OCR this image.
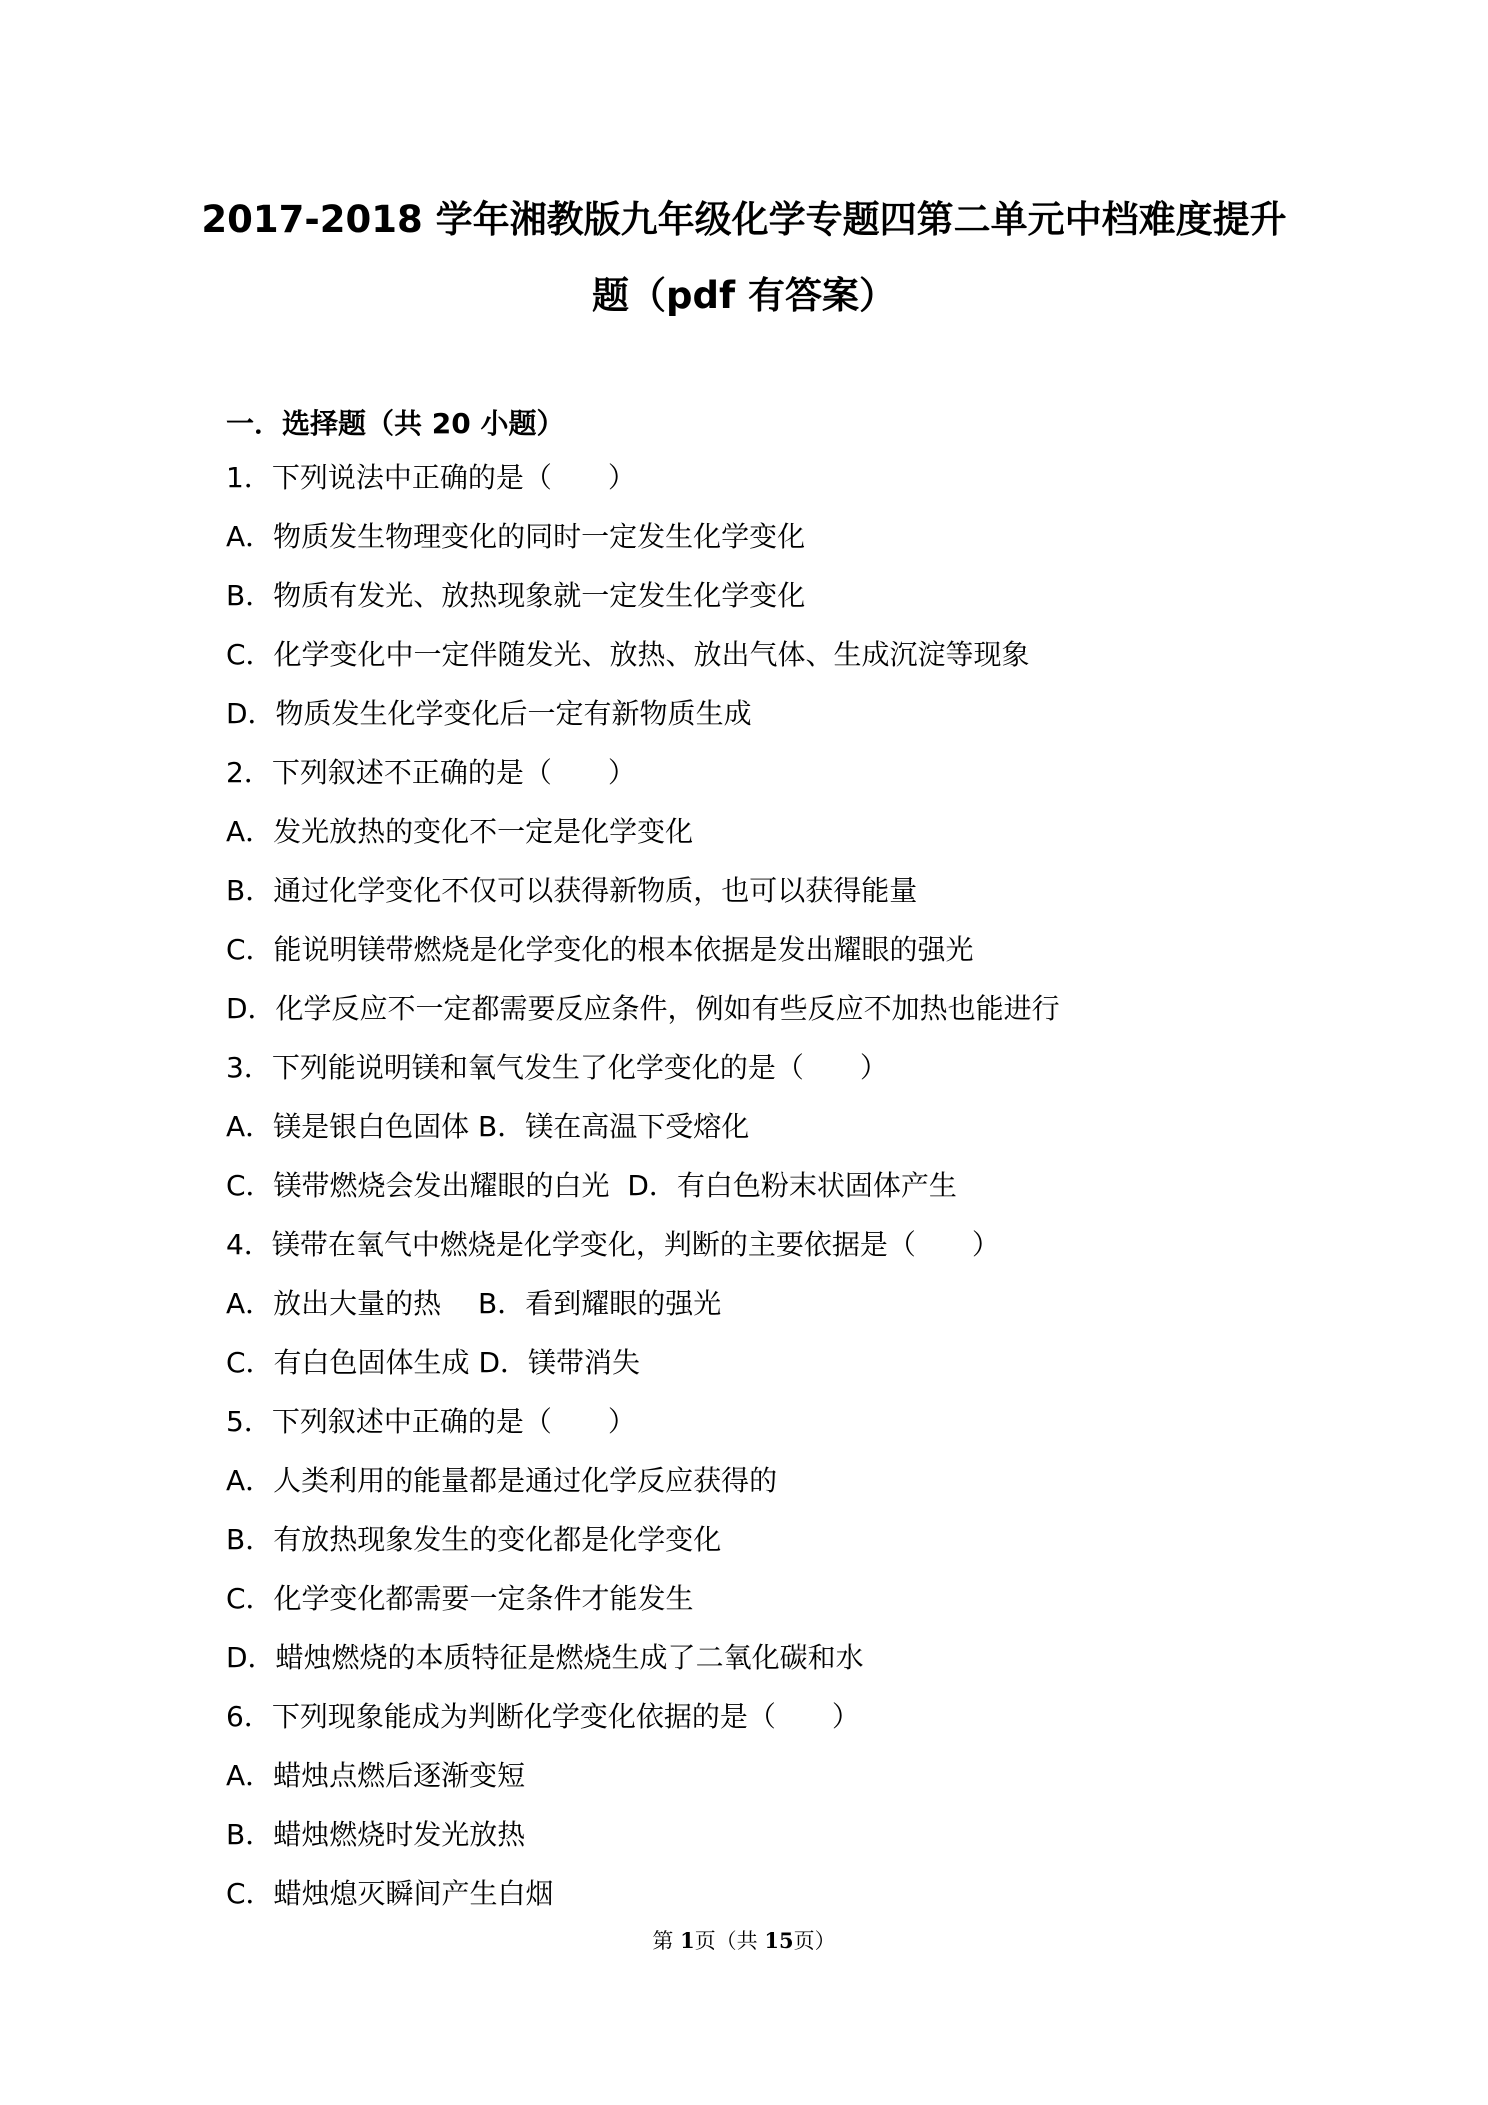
2017-2018 学年湘教版九年级化学专题四第二单元中档难度提升
题（pdf 有答案）
一．选择题（共 20 小题）
1．下列说法中正确的是（　　）
A．物质发生物理变化的同时一定发生化学变化
B．物质有发光、放热现象就一定发生化学变化
C．化学变化中一定伴随发光、放热、放出气体、生成沉淀等现象
D．物质发生化学变化后一定有新物质生成
2．下列叙述不正确的是（　　）
A．发光放热的变化不一定是化学变化
B．通过化学变化不仅可以获得新物质，也可以获得能量
C．能说明镁带燃烧是化学变化的根本依据是发出耀眼的强光
D．化学反应不一定都需要反应条件，例如有些反应不加热也能进行
3．下列能说明镁和氧气发生了化学变化的是（　　）
A．镁是银白色固体 B．镁在高温下受熔化
C．镁带燃烧会发出耀眼的白光  D．有白色粉末状固体产生
4．镁带在氧气中燃烧是化学变化，判断的主要依据是（　　）
A．放出大量的热　 B．看到耀眼的强光
C．有白色固体生成 D．镁带消失
5．下列叙述中正确的是（　　）
A．人类利用的能量都是通过化学反应获得的
B．有放热现象发生的变化都是化学变化
C．化学变化都需要一定条件才能发生
D．蜡烛燃烧的本质特征是燃烧生成了二氧化碳和水
6．下列现象能成为判断化学变化依据的是（　　）
A．蜡烛点燃后逐渐变短
B．蜡烛燃烧时发光放热
C．蜡烛熄灭瞬间产生白烟
第 1页（共 15页）
